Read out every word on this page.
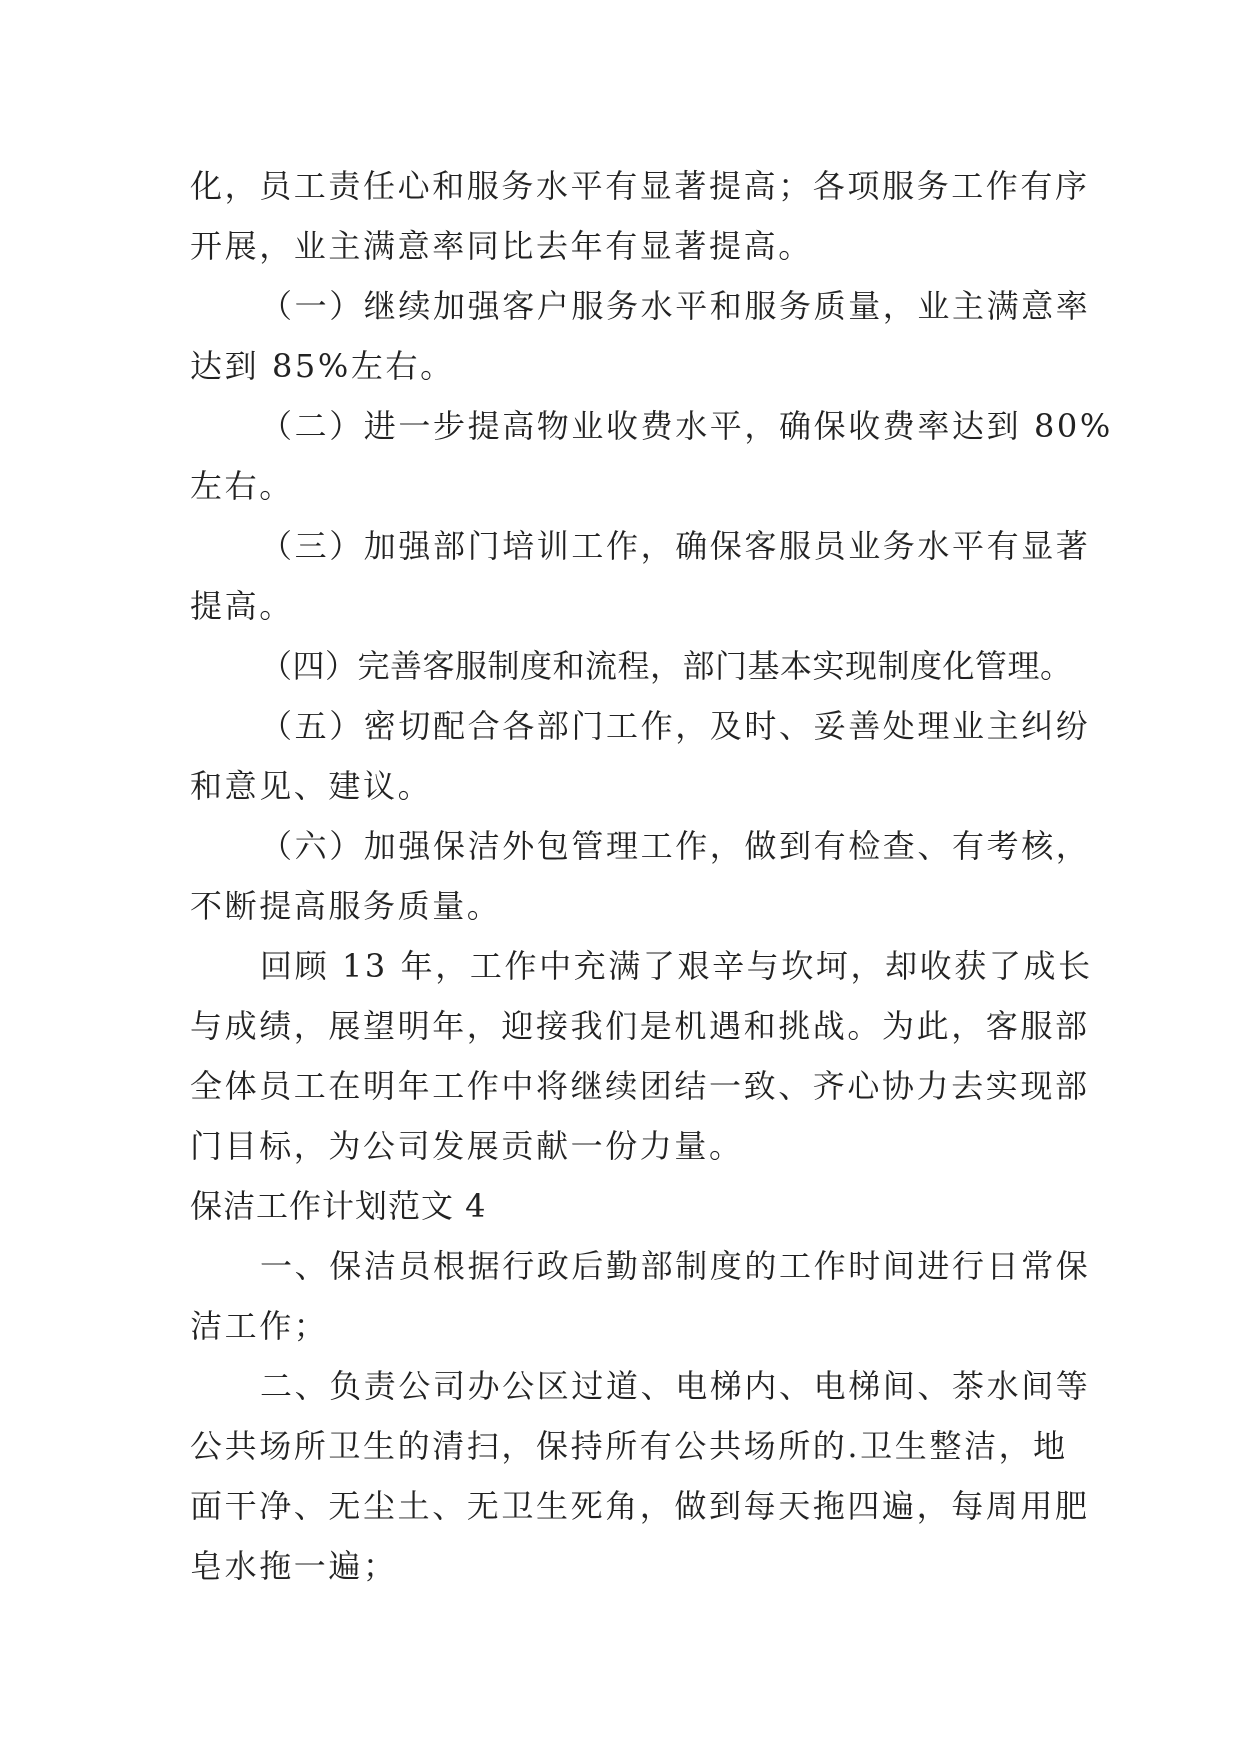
化，员工责任心和服务水平有显著提高；各项服务工作有序
开展，业主满意率同比去年有显著提高。
（一）继续加强客户服务水平和服务质量，业主满意率
达到 85%左右。
（二）进一步提高物业收费水平，确保收费率达到 80%
左右。
（三）加强部门培训工作，确保客服员业务水平有显著
提高。
（四）完善客服制度和流程，部门基本实现制度化管理。
（五）密切配合各部门工作，及时、妥善处理业主纠纷
和意见、建议。
（六）加强保洁外包管理工作，做到有检查、有考核，
不断提高服务质量。
回顾 13 年，工作中充满了艰辛与坎坷，却收获了成长
与成绩，展望明年，迎接我们是机遇和挑战。为此，客服部
全体员工在明年工作中将继续团结一致、齐心协力去实现部
门目标，为公司发展贡献一份力量。
保洁工作计划范文 4
一、保洁员根据行政后勤部制度的工作时间进行日常保
洁工作；
二、负责公司办公区过道、电梯内、电梯间、茶水间等
公共场所卫生的清扫，保持所有公共场所的.卫生整洁，地
面干净、无尘土、无卫生死角，做到每天拖四遍，每周用肥
皂水拖一遍；
